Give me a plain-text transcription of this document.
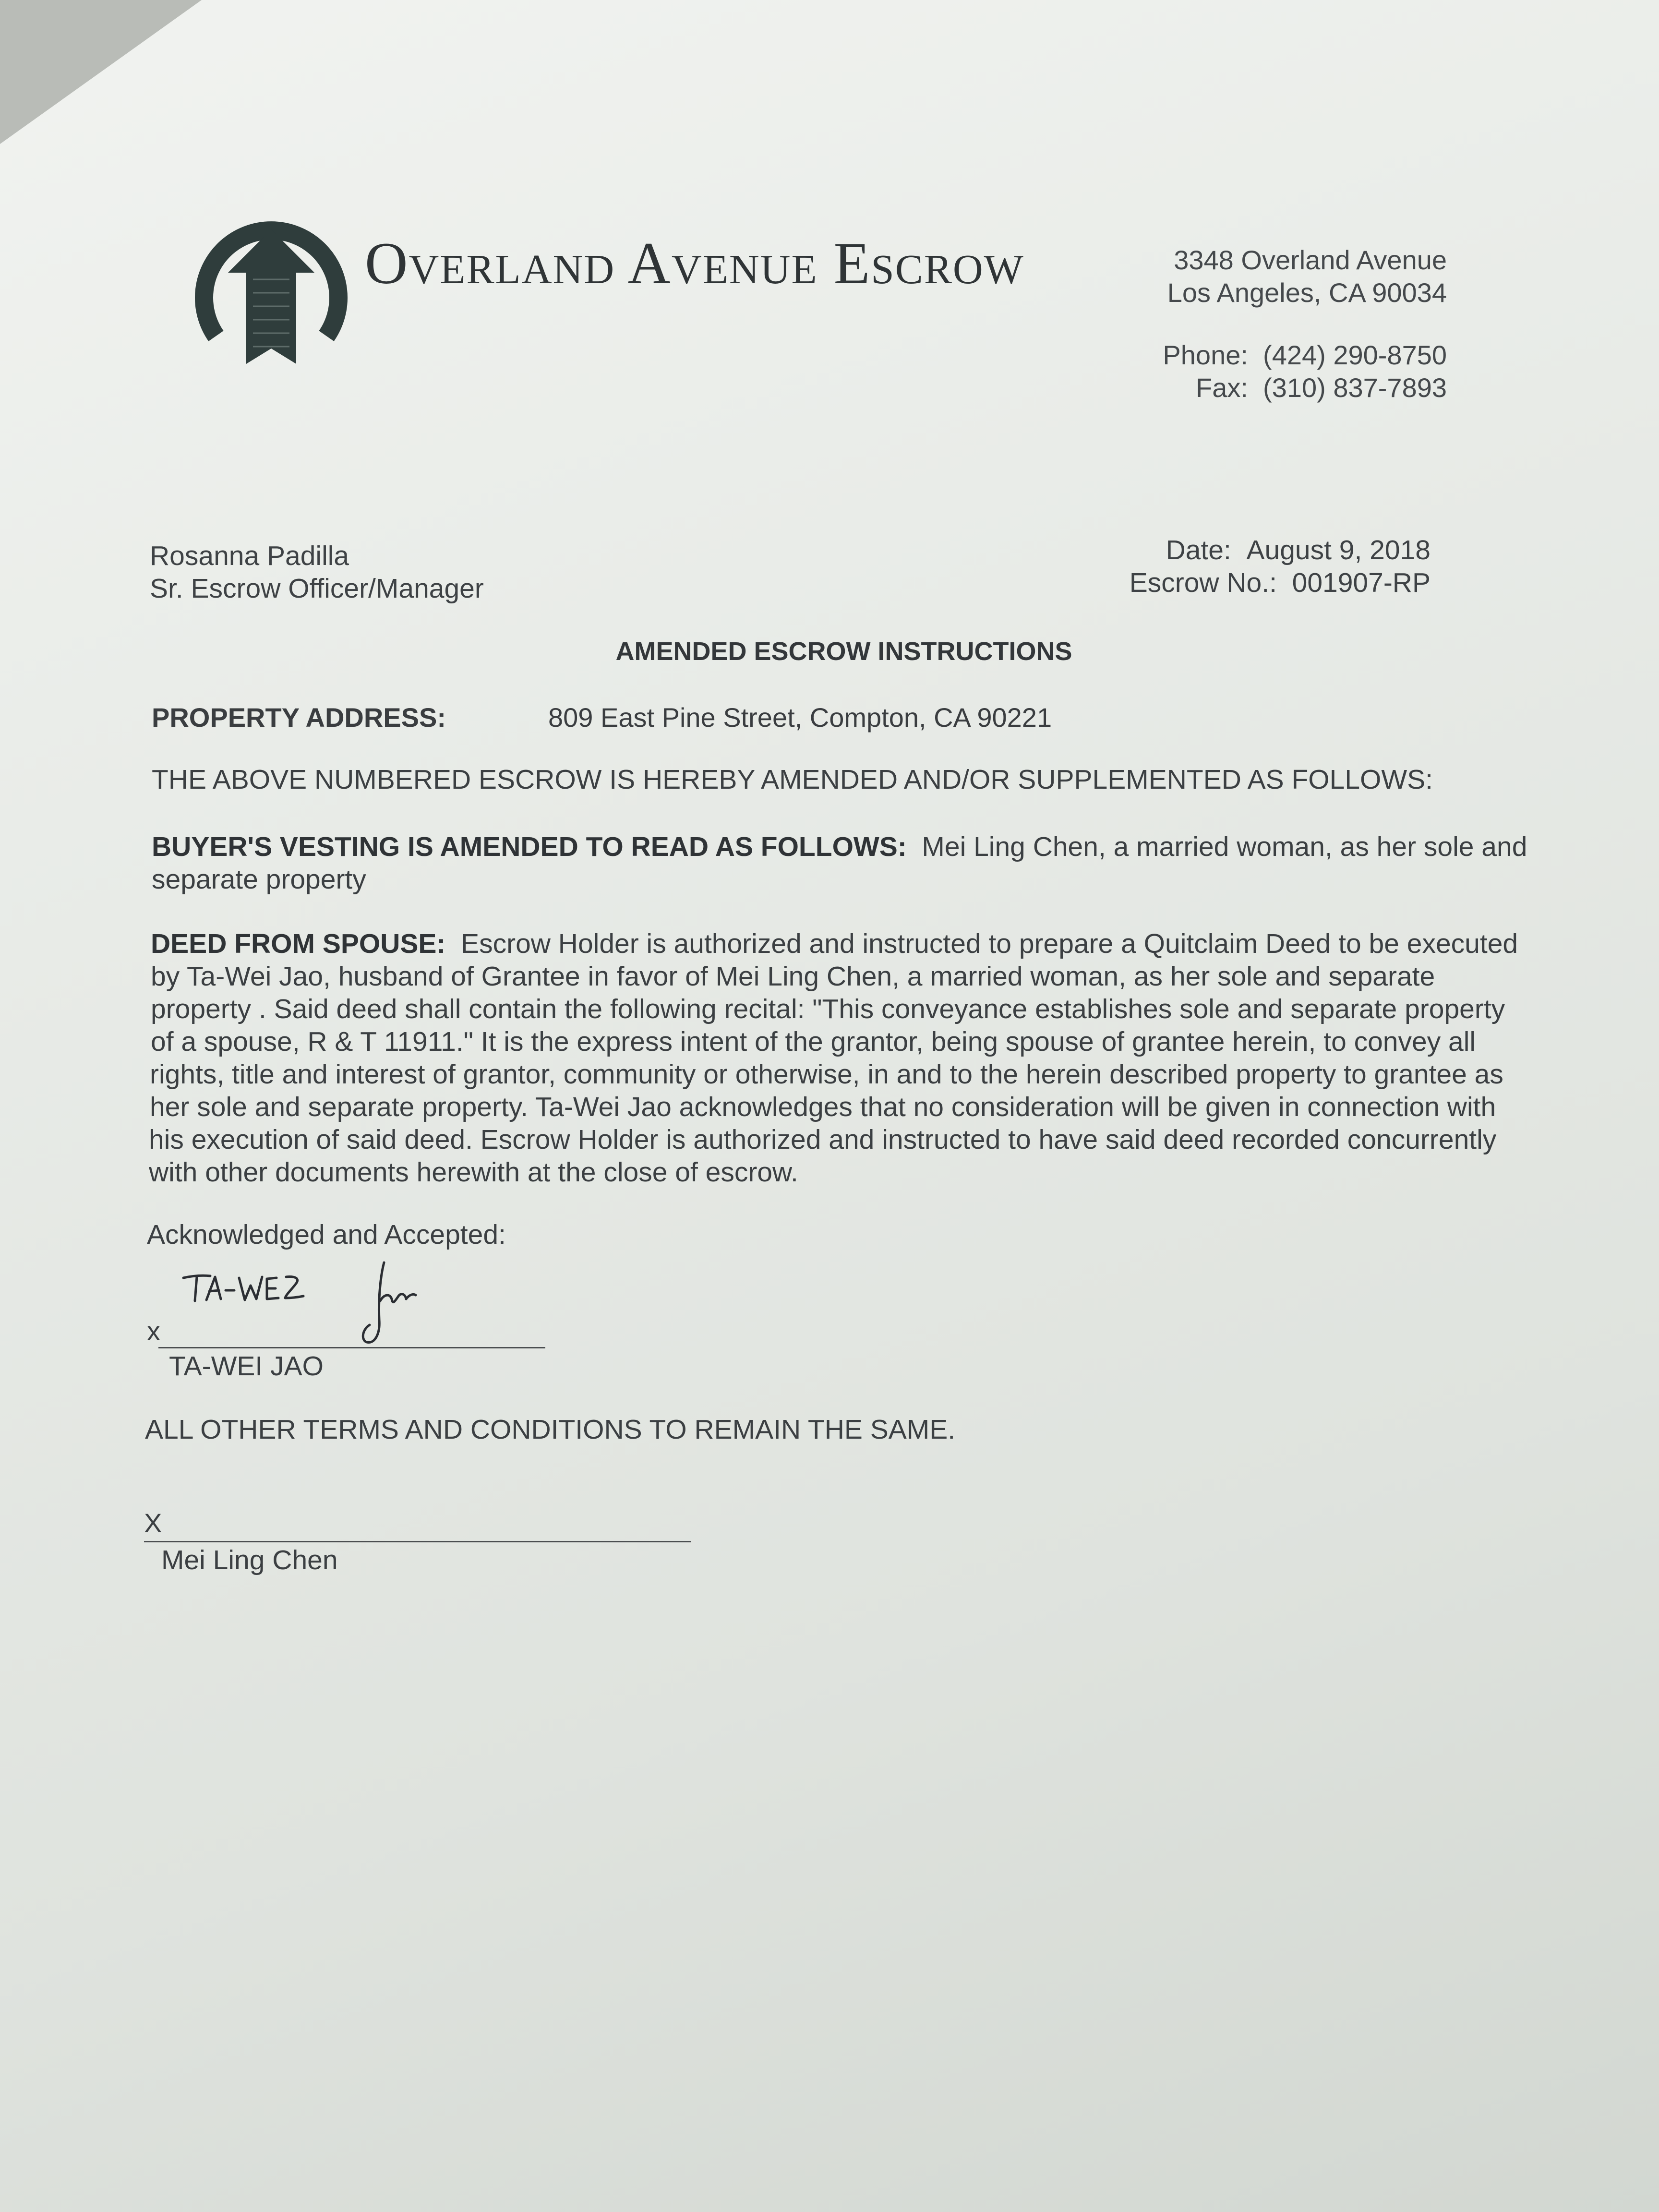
Overland Avenue Escrow	3348 Overland Avenue
Los Angeles, CA 90034
Phone: (424) 290-8750
Fax: (310) 837-7893
Rosanna Padilla
Sr. Escrow Officer/Manager
Date: August 9, 2018
Escrow No.: 001907-RP
AMENDED ESCROW INSTRUCTIONS
PROPERTY ADDRESS:	809 East Pine Street, Compton, CA 90221
THE ABOVE NUMBERED ESCROW IS HEREBY AMENDED AND/OR SUPPLEMENTED AS FOLLOWS:
BUYER'S VESTING IS AMENDED TO READ AS FOLLOWS: Mei Ling Chen, a married woman, as her sole and
separate property
DEED FROM SPOUSE: Escrow Holder is authorized and instructed to prepare a Quitclaim Deed to be executed
by Ta-Wei Jao, husband of Grantee in favor of Mei Ling Chen, a married woman, as her sole and separate
property . Said deed shall contain the following recital: "This conveyance establishes sole and separate property
of a spouse, R & T 11911." It is the express intent of the grantor, being spouse of grantee herein, to convey all
rights, title and interest of grantor, community or otherwise, in and to the herein described property to grantee as
her sole and separate property. Ta-Wei Jao acknowledges that no consideration will be given in connection with
his execution of said deed. Escrow Holder is authorized and instructed to have said deed recorded concurrently
with other documents herewith at the close of escrow.
Acknowledged and Accepted:
x
TA-WEI JAO
ALL OTHER TERMS AND CONDITIONS TO REMAIN THE SAME.
X
Mei Ling Chen
